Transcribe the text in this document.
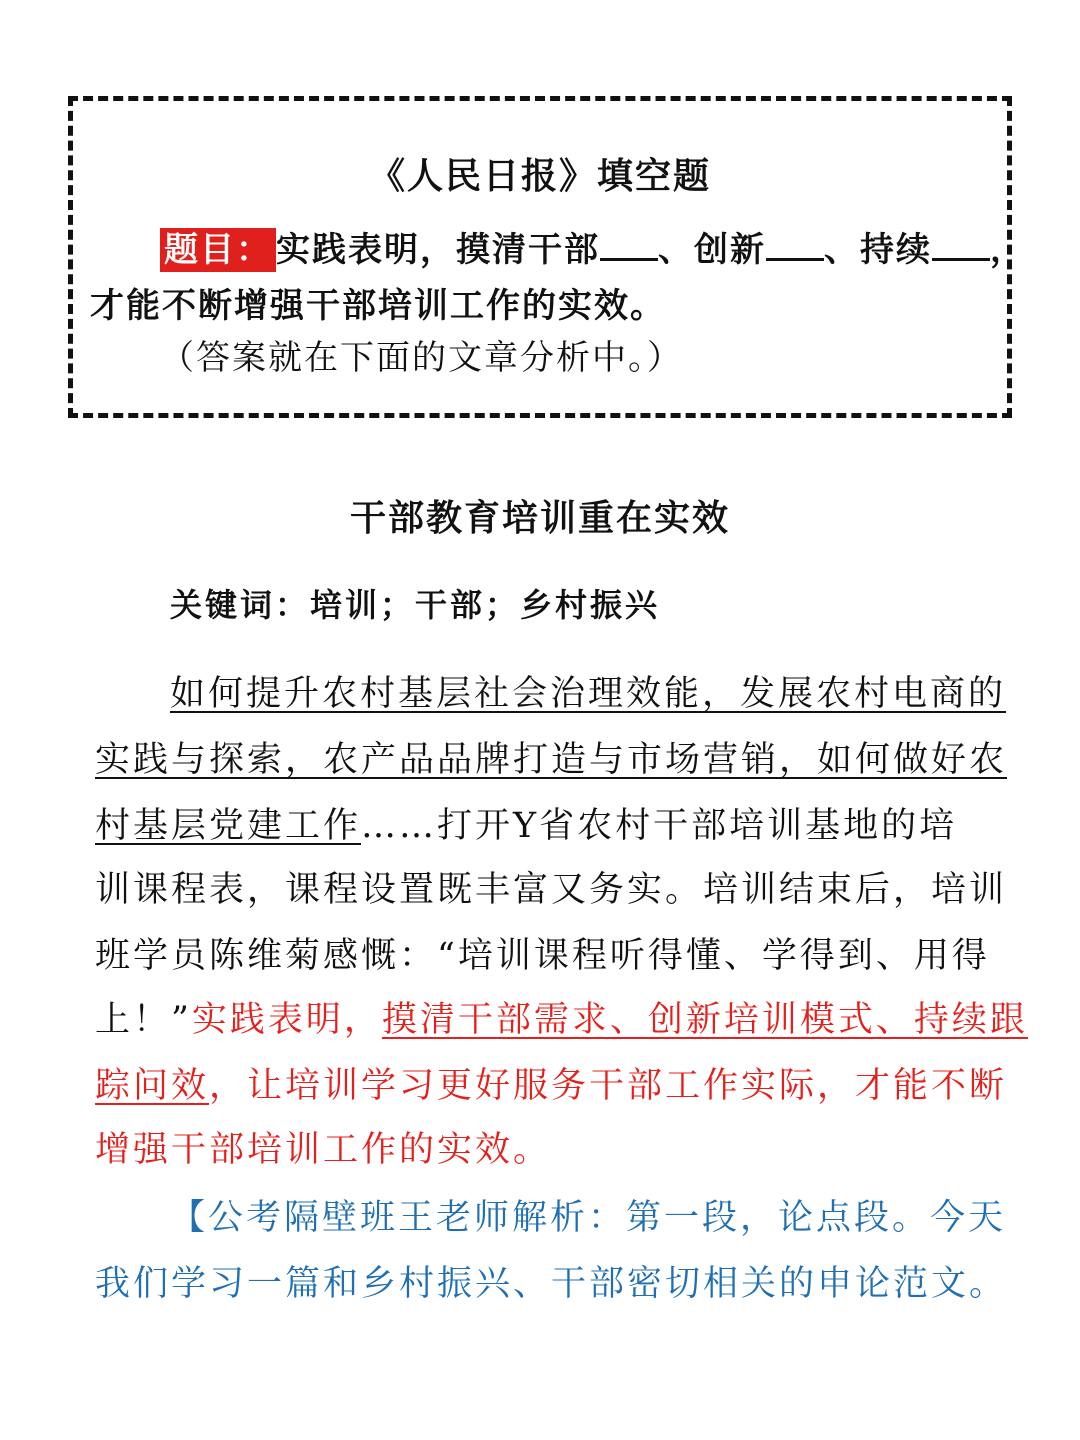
《人民日报》填空题
题目： 实践表明，摸清干部 、创新 、持续 ，
才能不断增强干部培训工作的实效。
（答案就在下面的文章分析中。）
干部教育培训重在实效
关键词：培训；干部；乡村振兴
如何提升农村基层社会治理效能，发展农村电商的
实践与探索，农产品品牌打造与市场营销，如何做好农
村基层党建工作……打开Y省农村干部培训基地的培
训课程表，课程设置既丰富又务实。培训结束后，培训
班学员陈维菊感慨：“培训课程听得懂、学得到、用得
上！”实践表明，摸清干部需求、创新培训模式、持续跟
踪问效，让培训学习更好服务干部工作实际，才能不断
增强干部培训工作的实效。
【公考隔壁班王老师解析：第一段，论点段。今天
我们学习一篇和乡村振兴、干部密切相关的申论范文。
